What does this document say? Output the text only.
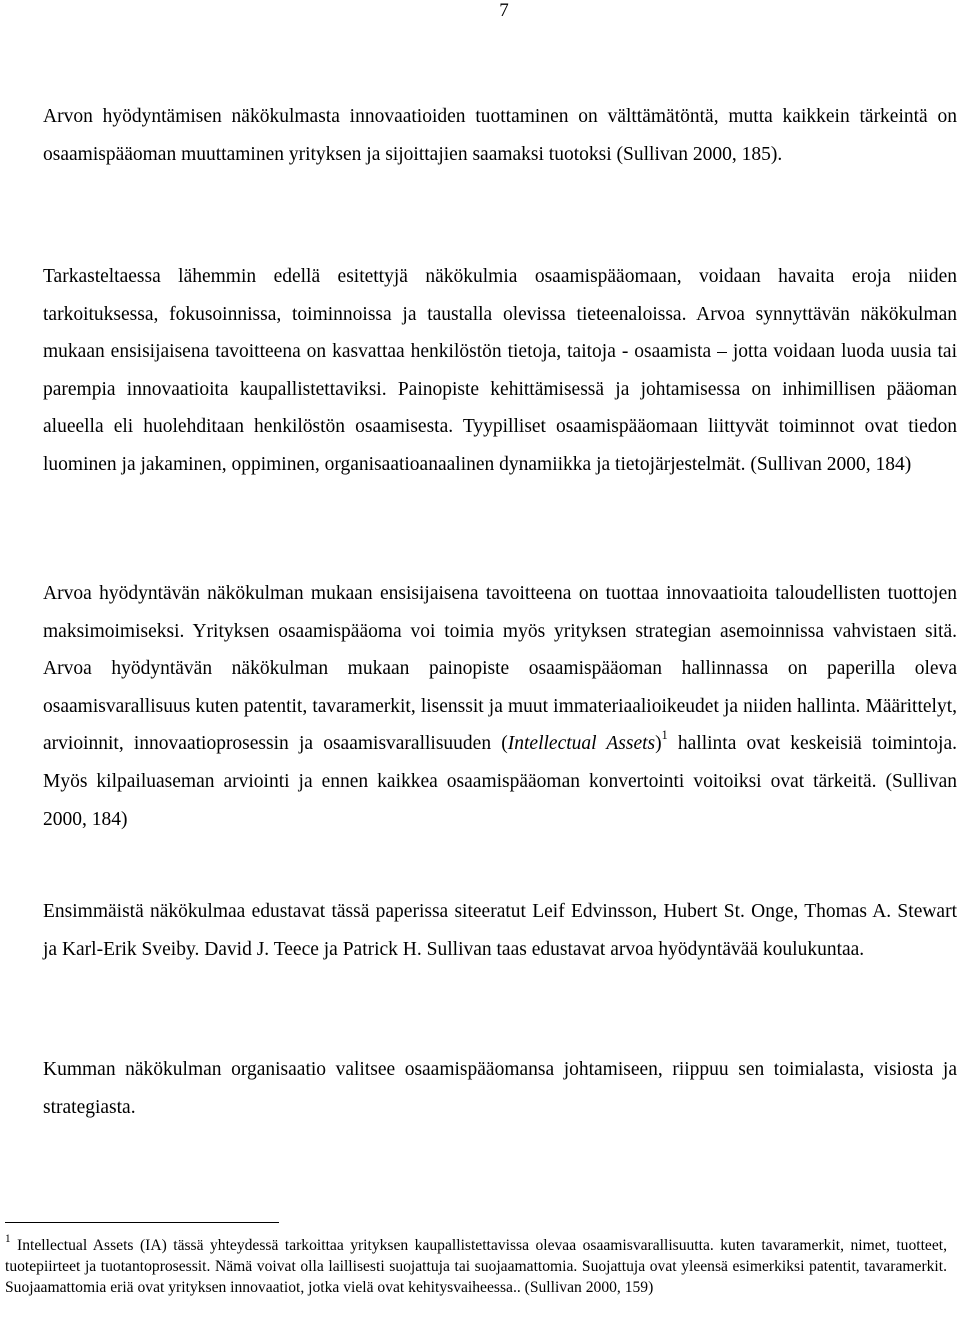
7

Arvon hyödyntämisen näkökulmasta innovaatioiden tuottaminen on välttämätöntä, mutta kaikkein tärkeintä on osaamispääoman muuttaminen yrityksen ja sijoittajien saamaksi tuotoksi (Sullivan 2000, 185).

Tarkasteltaessa lähemmin edellä esitettyjä näkökulmia osaamispääomaan, voidaan havaita eroja niiden tarkoituksessa, fokusoinnissa, toiminnoissa ja taustalla olevissa tieteenaloissa. Arvoa synnyttävän näkökulman mukaan ensisijaisena tavoitteena on kasvattaa henkilöstön tietoja, taitoja - osaamista – jotta voidaan luoda uusia tai parempia innovaatioita kaupallistettaviksi. Painopiste kehittämisessä ja johtamisessa on inhimillisen pääoman alueella eli huolehditaan henkilöstön osaamisesta. Tyypilliset osaamispääomaan liittyvät toiminnot ovat tiedon luominen ja jakaminen, oppiminen, organisaatioanaalinen dynamiikka ja tietojärjestelmät. (Sullivan 2000, 184)

Arvoa hyödyntävän näkökulman mukaan ensisijaisena tavoitteena on tuottaa innovaatioita taloudellisten tuottojen maksimoimiseksi. Yrityksen osaamispääoma voi toimia myös yrityksen strategian asemoinnissa vahvistaen sitä. Arvoa hyödyntävän näkökulman mukaan painopiste osaamispääoman hallinnassa on paperilla oleva osaamisvarallisuus kuten patentit, tavaramerkit, lisenssit ja muut immateriaalioikeudet ja niiden hallinta. Määrittelyt, arvioinnit, innovaatioprosessin ja osaamisvarallisuuden (Intellectual Assets)$^1$ hallinta ovat keskeisiä toimintoja. Myös kilpailuaseman arviointi ja ennen kaikkea osaamispääoman konvertointi voitoiksi ovat tärkeitä. (Sullivan 2000, 184)

Ensimmäistä näkökulmaa edustavat tässä paperissa siteeratut Leif Edvinsson, Hubert St. Onge, Thomas A. Stewart ja Karl-Erik Sveiby. David J. Teece ja Patrick H. Sullivan taas edustavat arvoa hyödyntävää koulukuntaa.

Kumman näkökulman organisaatio valitsee osaamispääomansa johtamiseen, riippuu sen toimialasta, visiosta ja strategiasta.

$^1$ Intellectual Assets (IA) tässä yhteydessä tarkoittaa yrityksen kaupallistettavissa olevaa osaamisvarallisuutta. kuten tavaramerkit, nimet, tuotteet, tuotepiirteet ja tuotantoprosessit. Nämä voivat olla laillisesti suojattuja tai suojaamattomia. Suojattuja ovat yleensä esimerkiksi patentit, tavaramerkit. Suojaamattomia eriä ovat yrityksen innovaatiot, jotka vielä ovat kehitysvaiheessa.. (Sullivan 2000, 159)
